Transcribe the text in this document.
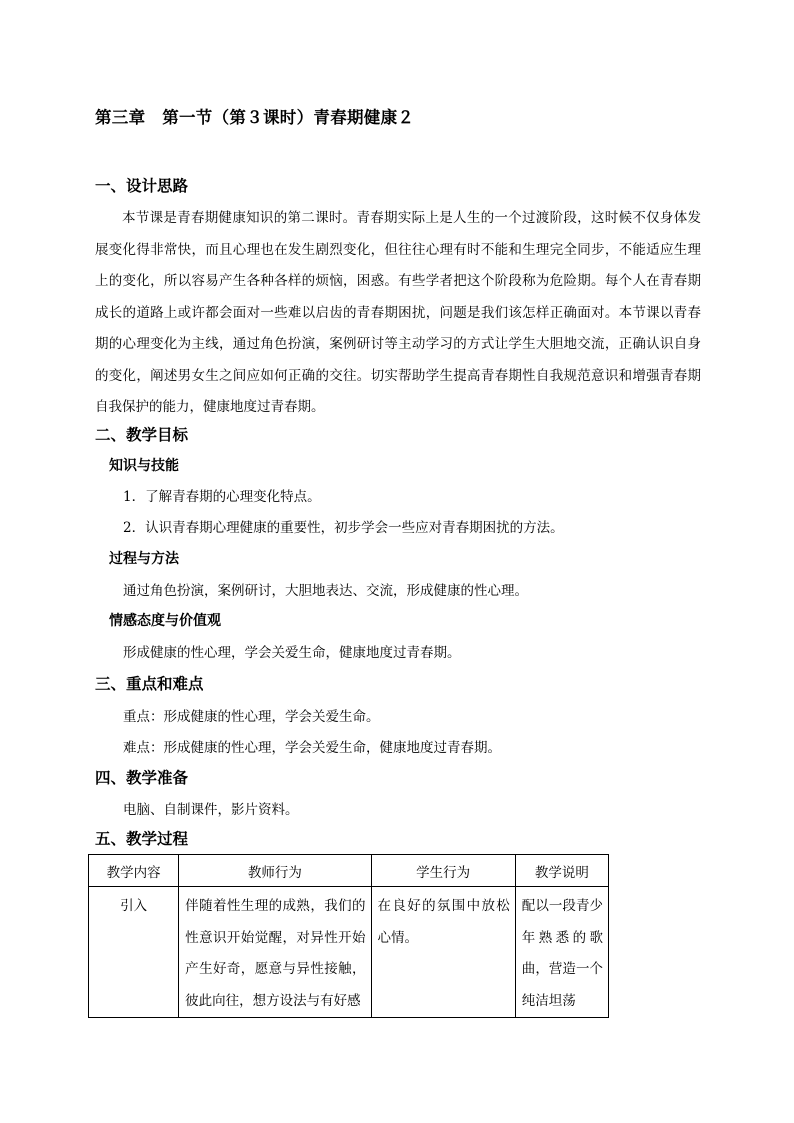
第三章　第一节（第３课时）青春期健康２
一、设计思路

本节课是青春期健康知识的第二课时。青春期实际上是人生的一个过渡阶段，这时候不仅身体发展变化得非常快，而且心理也在发生剧烈变化，但往往心理有时不能和生理完全同步，不能适应生理上的变化，所以容易产生各种各样的烦恼，困惑。有些学者把这个阶段称为危险期。每个人在青春期成长的道路上或许都会面对一些难以启齿的青春期困扰，问题是我们该怎样正确面对。本节课以青春期的心理变化为主线，通过角色扮演，案例研讨等主动学习的方式让学生大胆地交流，正确认识自身的变化，阐述男女生之间应如何正确的交往。切实帮助学生提高青春期性自我规范意识和增强青春期自我保护的能力，健康地度过青春期。

二、教学目标
知识与技能
1．了解青春期的心理变化特点。
2．认识青春期心理健康的重要性，初步学会一些应对青春期困扰的方法。
过程与方法
通过角色扮演，案例研讨，大胆地表达、交流，形成健康的性心理。
情感态度与价值观
形成健康的性心理，学会关爱生命，健康地度过青春期。
三、重点和难点
重点：形成健康的性心理，学会关爱生命。
难点：形成健康的性心理，学会关爱生命，健康地度过青春期。
四、教学准备
电脑、自制课件，影片资料。
五、教学过程
教学内容	教师行为	学生行为	教学说明

引入	伴随着性生理的成熟，我们的性意识开始觉醒，对异性开始产生好奇，愿意与异性接触，彼此向往，想方设法与有好感	在良好的氛围中放松心情。	配以一段青少年熟悉的歌曲，营造一个纯洁坦荡
